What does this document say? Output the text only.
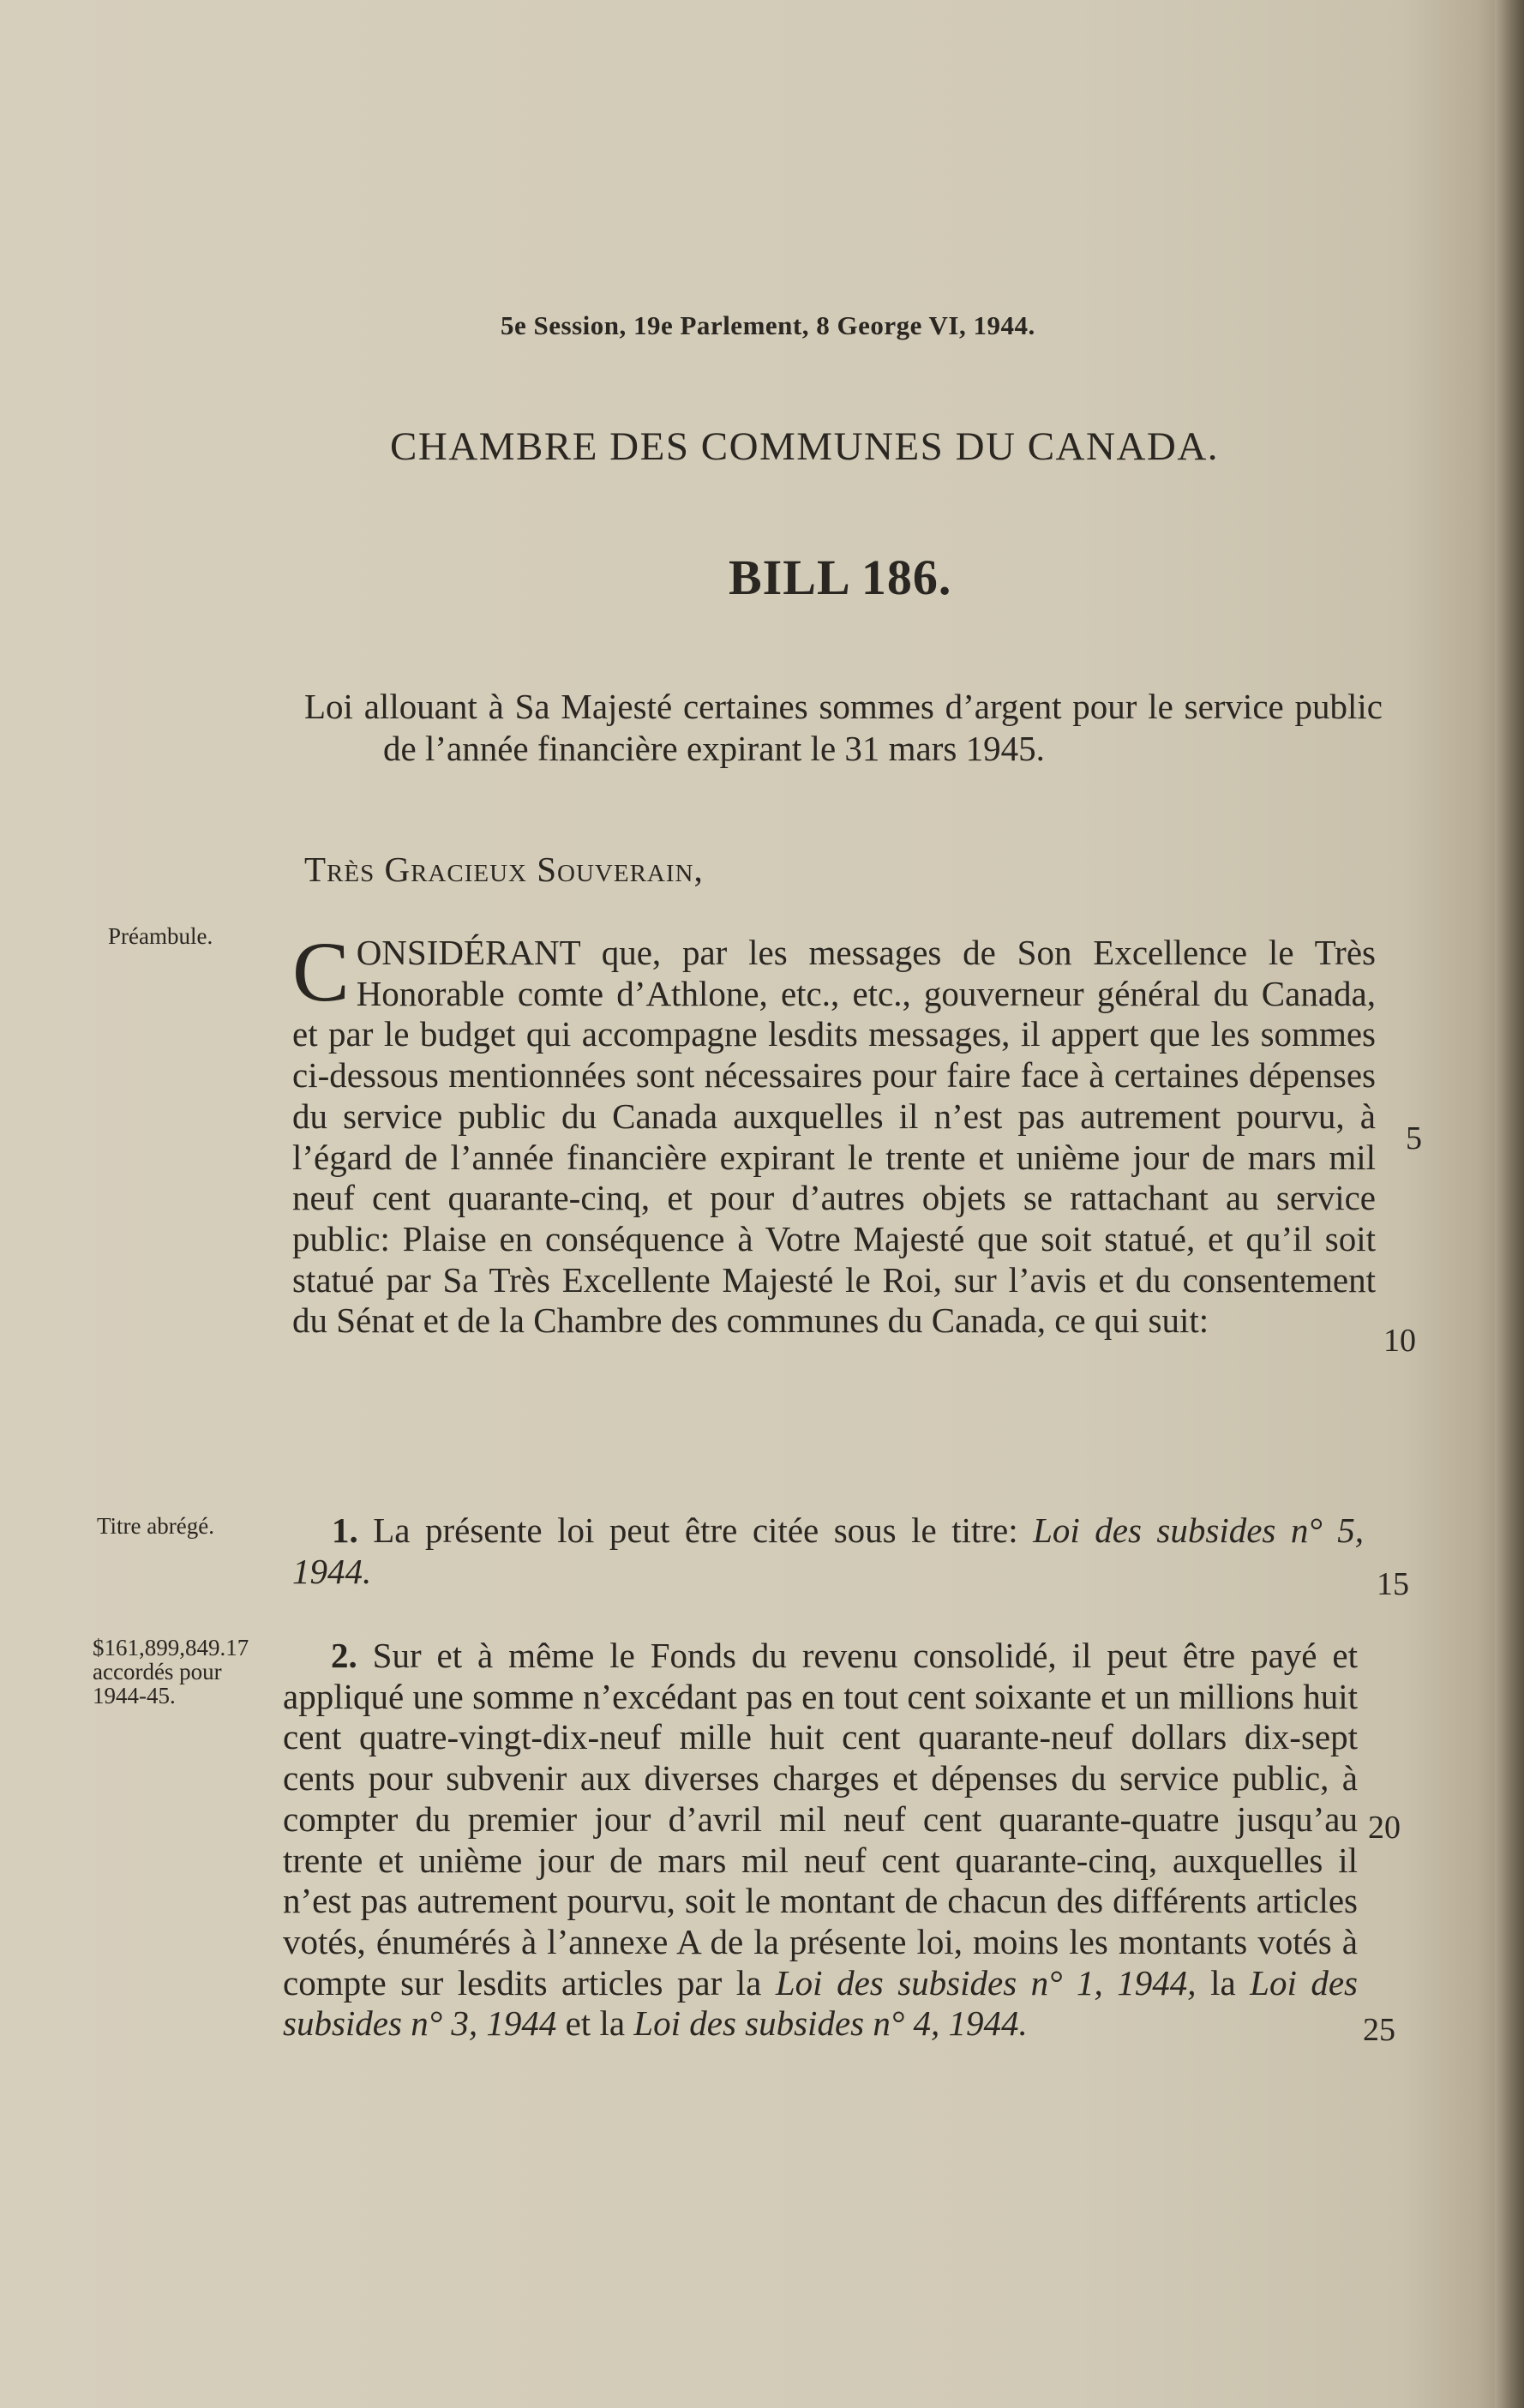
5e Session, 19e Parlement, 8 George VI, 1944.
CHAMBRE DES COMMUNES DU CANADA.
BILL 186.
Loi allouant à Sa Majesté certaines sommes d’argent pour le service public de l’année financière expirant le 31 mars 1945.
Très Gracieux Souverain,
Préambule. CONSIDÉRANT que, par les messages de Son Excellence le Très Honorable comte d’Athlone, etc., etc., gouverneur général du Canada, et par le budget qui accompagne lesdits messages, il appert que les sommes ci-dessous mentionnées sont nécessaires pour faire face à certaines dépenses du service public du Canada auxquelles il n’est pas autrement pourvu, à l’égard de l’année financière expirant le trente et unième jour de mars mil neuf cent quarante-cinq, et pour d’autres objets se rattachant au service public: Plaise en conséquence à Votre Majesté que soit statué, et qu’il soit statué par Sa Très Excellente Majesté le Roi, sur l’avis et du consentement du Sénat et de la Chambre des communes du Canada, ce qui suit:
Titre abrégé.	1. La présente loi peut être citée sous le titre: Loi des subsides n° 5, 1944.
$161,899,849.17
accordés pour
1944-45.
2. Sur et à même le Fonds du revenu consolidé, il peut être payé et appliqué une somme n’excédant pas en tout cent soixante et un millions huit cent quatre-vingt-dix-neuf mille huit cent quarante-neuf dollars dix-sept cents pour subvenir aux diverses charges et dépenses du service public, à compter du premier jour d’avril mil neuf cent quarante-quatre jusqu’au trente et unième jour de mars mil neuf cent quarante-cinq, auxquelles il n’est pas autrement pourvu, soit le montant de chacun des différents articles votés, énumérés à l’annexe A de la présente loi, moins les montants votés à compte sur lesdits articles par la Loi des subsides n° 1, 1944, la Loi des subsides n° 3, 1944 et la Loi des subsides n° 4, 1944.
5
10
15
20
25
